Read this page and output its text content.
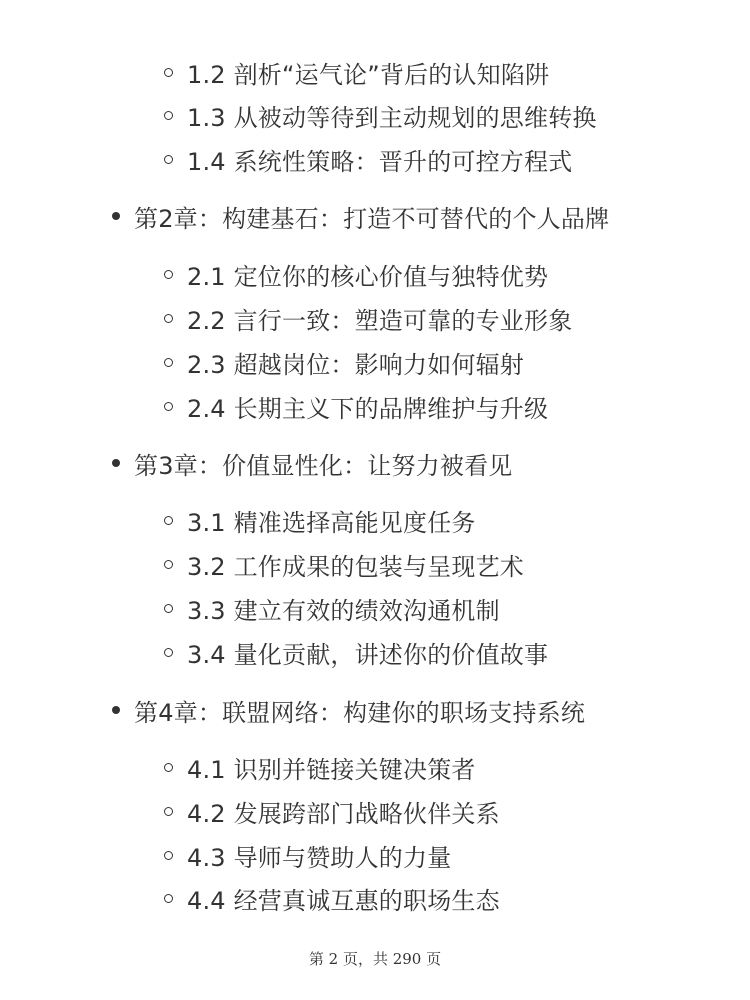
1.2 剖析“运气论”背后的认知陷阱
1.3 从被动等待到主动规划的思维转换
1.4 系统性策略：晋升的可控方程式
第2章：构建基石：打造不可替代的个人品牌
2.1 定位你的核心价值与独特优势
2.2 言行一致：塑造可靠的专业形象
2.3 超越岗位：影响力如何辐射
2.4 长期主义下的品牌维护与升级
第3章：价值显性化：让努力被看见
3.1 精准选择高能见度任务
3.2 工作成果的包装与呈现艺术
3.3 建立有效的绩效沟通机制
3.4 量化贡献，讲述你的价值故事
第4章：联盟网络：构建你的职场支持系统
4.1 识别并链接关键决策者
4.2 发展跨部门战略伙伴关系
4.3 导师与赞助人的力量
4.4 经营真诚互惠的职场生态
第 2 页，共 290 页
